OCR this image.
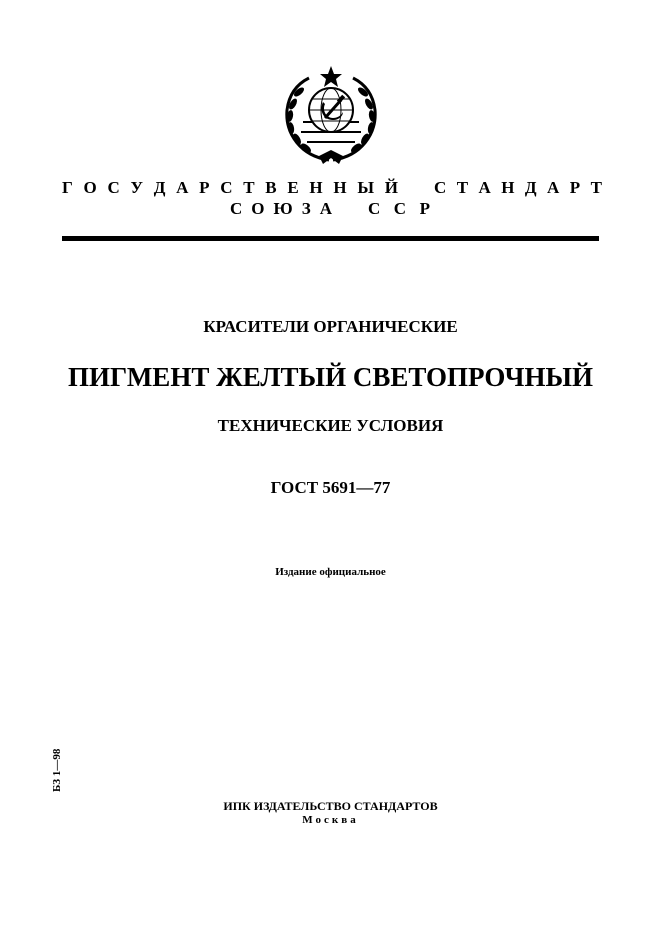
Г О С У Д А Р С Т В Е Н Н Ы Й С Т А Н Д А Р Т
С О Ю З А С С Р
КРАСИТЕЛИ ОРГАНИЧЕСКИЕ
ПИГМЕНТ ЖЕЛТЫЙ СВЕТОПРОЧНЫЙ
ТЕХНИЧЕСКИЕ УСЛОВИЯ
ГОСТ 5691—77
Издание официальное
БЗ 1—98
ИПК ИЗДАТЕЛЬСТВО СТАНДАРТОВ
Москва
